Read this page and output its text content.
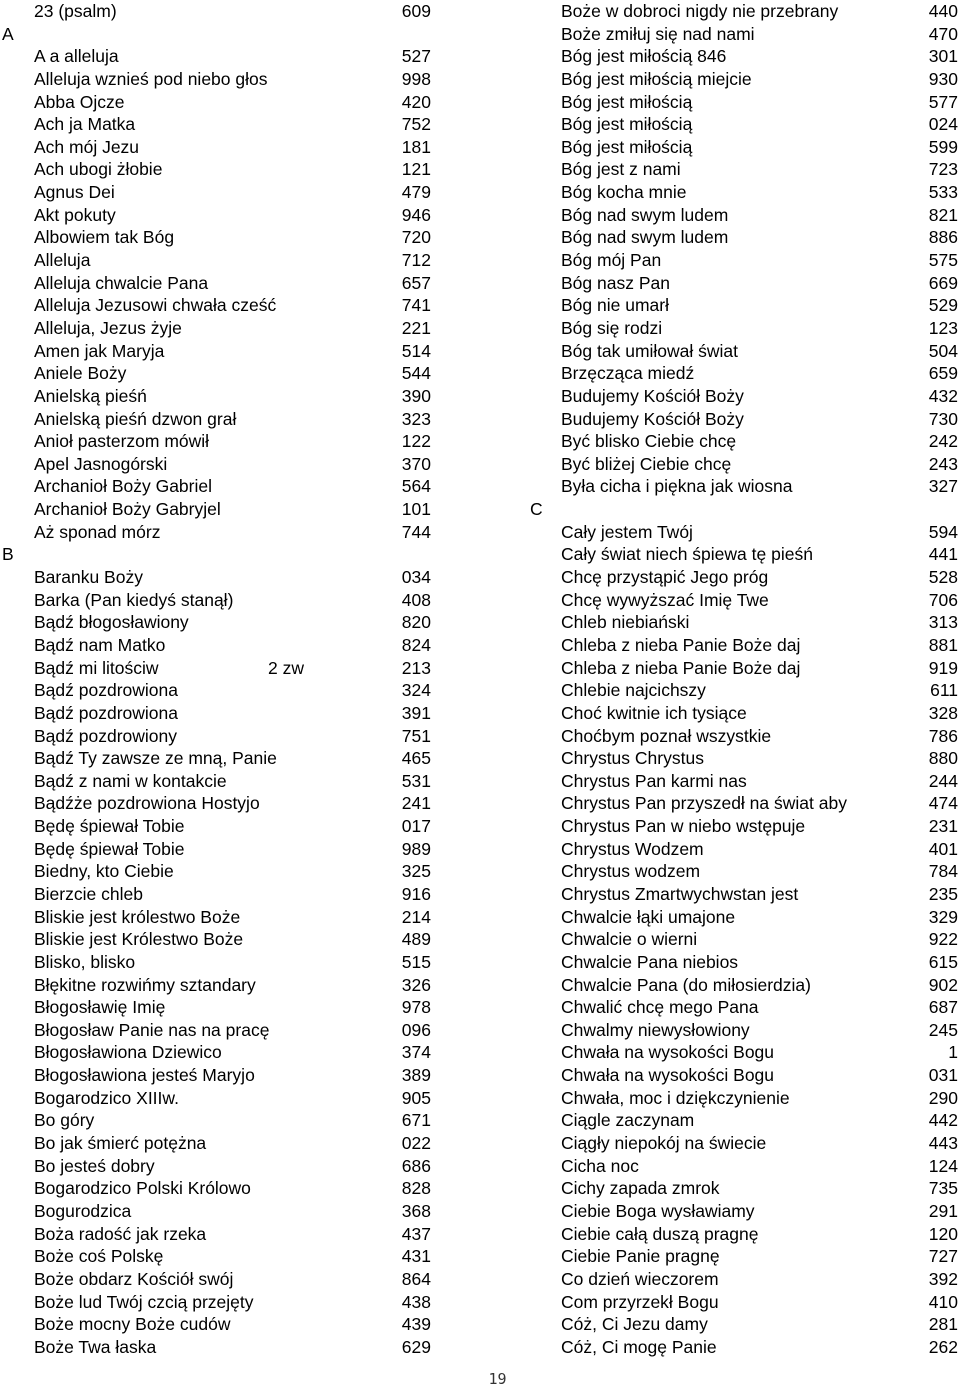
23 (psalm)	609
A
A a alleluja	527
Alleluja wznieś pod niebo głos	998
Abba Ojcze	420
Ach ja Matka	752
Ach mój Jezu	181
Ach ubogi żłobie	121
Agnus Dei	479
Akt pokuty	946
Albowiem tak Bóg	720
Alleluja	712
Alleluja chwalcie Pana	657
Alleluja Jezusowi chwała cześć	741
Alleluja, Jezus żyje	221
Amen jak Maryja	514
Aniele Boży	544
Anielską pieśń	390
Anielską pieśń dzwon grał	323
Anioł pasterzom mówił	122
Apel Jasnogórski	370
Archanioł Boży Gabriel	564
Archanioł Boży Gabryjel	101
Aż sponad mórz	744
B
Baranku Boży	034
Barka (Pan kiedyś stanął)	408
Bądź błogosławiony	820
Bądź nam Matko	824
Bądź mi litościw	2 zw	213
Bądź pozdrowiona	324
Bądź pozdrowiona	391
Bądź pozdrowiony	751
Bądź Ty zawsze ze mną, Panie	465
Bądź z nami w kontakcie	531
Bądźże pozdrowiona Hostyjo	241
Będę śpiewał Tobie	017
Będę śpiewał Tobie	989
Biedny, kto Ciebie	325
Bierzcie chleb	916
Bliskie jest królestwo Boże	214
Bliskie jest Królestwo Boże	489
Blisko, blisko	515
Błękitne rozwińmy sztandary	326
Błogosławię Imię	978
Błogosław Panie nas na pracę	096
Błogosławiona Dziewico	374
Błogosławiona jesteś Maryjo	389
Bogarodzico XIIIw.	905
Bo góry	671
Bo jak śmierć potężna	022
Bo jesteś dobry	686
Bogarodzico Polski Królowo	828
Bogurodzica	368
Boża radość jak rzeka	437
Boże coś Polskę	431
Boże obdarz Kościół swój	864
Boże lud Twój czcią przejęty	438
Boże mocny Boże cudów	439
Boże Twa łaska	629
Boże w dobroci nigdy nie przebrany	440
Boże zmiłuj się nad nami	470
Bóg jest miłością 846	301
Bóg jest miłością miejcie	930
Bóg jest miłością	577
Bóg jest miłością	024
Bóg jest miłością	599
Bóg jest z nami	723
Bóg kocha mnie	533
Bóg nad swym ludem	821
Bóg nad swym ludem	886
Bóg mój Pan	575
Bóg nasz Pan	669
Bóg nie umarł	529
Bóg się rodzi	123
Bóg tak umiłował świat	504
Brzęcząca miedź	659
Budujemy Kościół Boży	432
Budujemy Kościół Boży	730
Być blisko Ciebie chcę	242
Być bliżej Ciebie chcę	243
Była cicha i piękna jak wiosna	327
C
Cały jestem Twój	594
Cały świat niech śpiewa tę pieśń	441
Chcę przystąpić Jego próg	528
Chcę wywyższać Imię Twe	706
Chleb niebiański	313
Chleba z nieba Panie Boże daj	881
Chleba z nieba Panie Boże daj	919
Chlebie najcichszy	611
Choć kwitnie ich tysiące	328
Choćbym poznał wszystkie	786
Chrystus Chrystus	880
Chrystus Pan karmi nas	244
Chrystus Pan przyszedł na świat aby	474
Chrystus Pan w niebo wstępuje	231
Chrystus Wodzem	401
Chrystus wodzem	784
Chrystus Zmartwychwstan jest	235
Chwalcie łąki umajone	329
Chwalcie o wierni	922
Chwalcie Pana niebios	615
Chwalcie Pana (do miłosierdzia)	902
Chwalić chcę mego Pana	687
Chwalmy niewysłowiony	245
Chwała na wysokości Bogu	1
Chwała na wysokości Bogu	031
Chwała, moc i dziękczynienie	290
Ciągle zaczynam	442
Ciągły niepokój na świecie	443
Cicha noc	124
Cichy zapada zmrok	735
Ciebie Boga wysławiamy	291
Ciebie całą duszą pragnę	120
Ciebie Panie pragnę	727
Co dzień wieczorem	392
Com przyrzekł Bogu	410
Cóż, Ci Jezu damy	281
Cóż, Ci mogę Panie	262
19
